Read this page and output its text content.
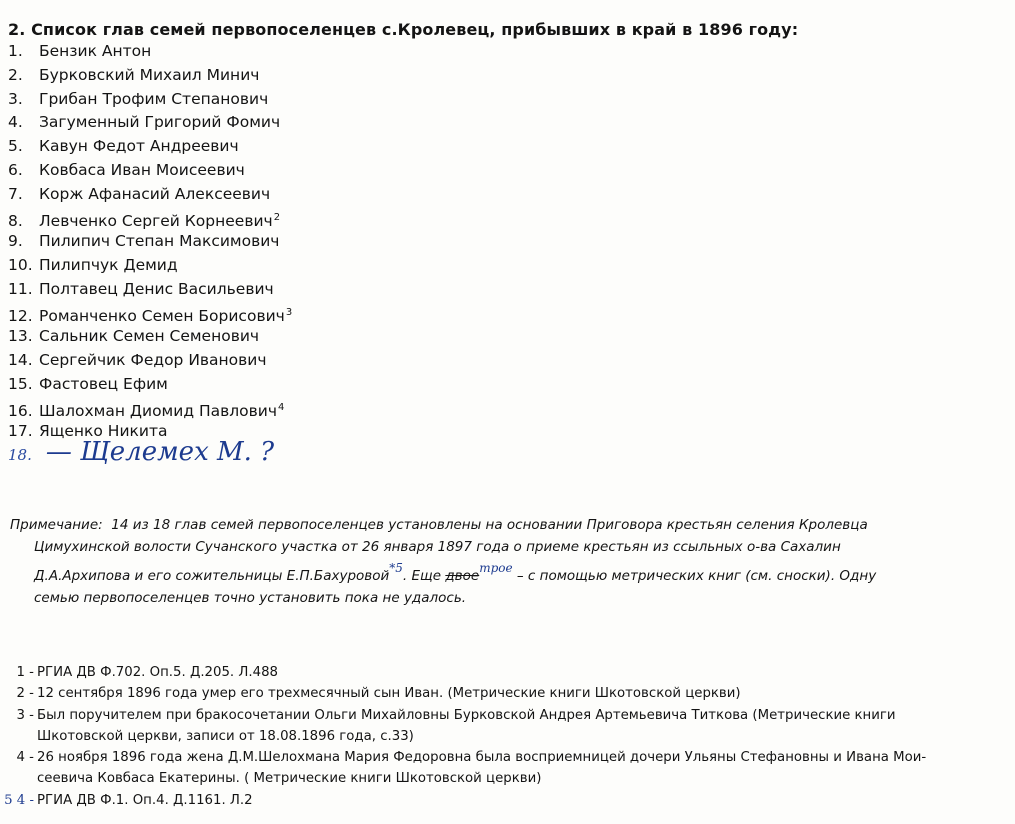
2. Список глав семей первопоселенцев с.Кролевец, прибывших в край в 1896 году:
1. Бензик Антон
2. Бурковский Михаил Минич
3. Грибан Трофим Степанович
4. Загуменный Григорий Фомич
5. Кавун Федот Андреевич
6. Ковбаса Иван Моисеевич
7. Корж Афанасий Алексеевич
8. Левченко Сергей Корнеевич$^2$
9. Пилипич Степан Максимович
10. Пилипчук Демид
11. Полтавец Денис Васильевич
12. Романченко Семен Борисович$^3$
13. Сальник Семен Семенович
14. Сергейчик Федор Иванович
15. Фастовец Ефим
16. Шалохман Диомид Павлович$^4$
17. Ященко Никита
18. — Щелемех М. ?
Примечание: 14 из 18 глав семей первопоселенцев установлены на основании Приговора крестьян селения Кролевца
Цимухинской волости Сучанского участка от 26 января 1897 года о приеме крестьян из ссыльных о-ва Сахалин
Д.А.Архипова и его сожительницы Е.П.Бахуровой*5. Еще двоетрое – с помощью метрических книг (см. сноски). Одну
семью первопоселенцев точно установить пока не удалось.
1 - РГИА ДВ Ф.702. Оп.5. Д.205. Л.488
2 - 12 сентября 1896 года умер его трехмесячный сын Иван. (Метрические книги Шкотовской церкви)
3 - Был поручителем при бракосочетании Ольги Михайловны Бурковской Андрея Артемьевича Титкова (Метрические книги
Шкотовской церкви, записи от 18.08.1896 года, с.33)
4 - 26 ноября 1896 года жена Д.М.Шелохмана Мария Федоровна была восприемницей дочери Ульяны Стефановны и Ивана Мои-
сеевича Ковбаса Екатерины. ( Метрические книги Шкотовской церкви)
5 4 - РГИА ДВ Ф.1. Оп.4. Д.1161. Л.2
